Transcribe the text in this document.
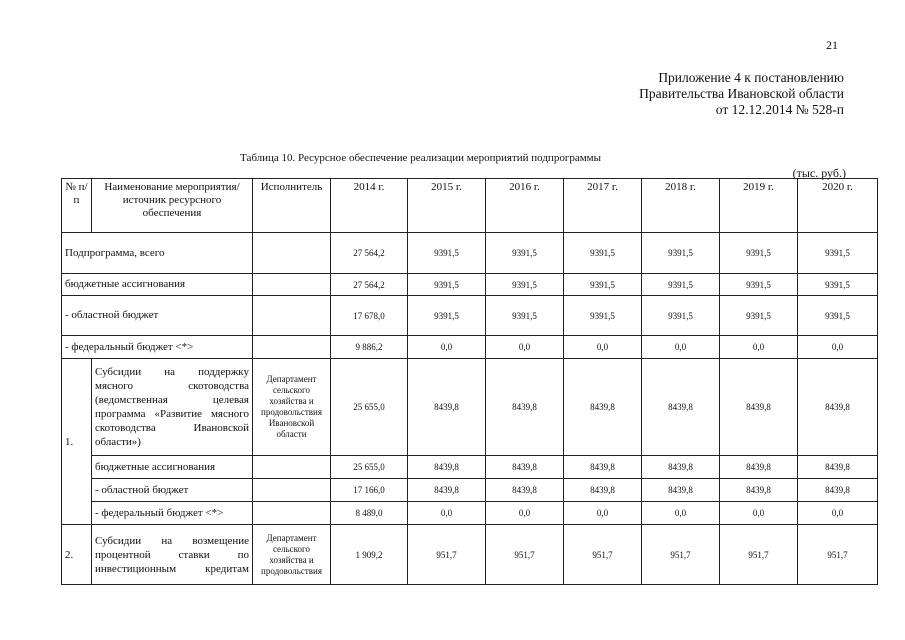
21
Приложение 4 к постановлению
Правительства Ивановской области
от 12.12.2014 № 528-п
Таблица 10. Ресурсное обеспечение реализации мероприятий подпрограммы
(тыс. руб.)
№ п/п	Наименование мероприятия/источник ресурсного обеспечения	Исполнитель	2014 г.	2015 г.	2016 г.	2017 г.	2018 г.	2019 г.	2020 г.
Подпрограмма, всего			27 564,2	9391,5	9391,5	9391,5	9391,5	9391,5	9391,5
бюджетные ассигнования			27 564,2	9391,5	9391,5	9391,5	9391,5	9391,5	9391,5
- областной бюджет			17 678,0	9391,5	9391,5	9391,5	9391,5	9391,5	9391,5
- федеральный бюджет <*>			9 886,2	0,0	0,0	0,0	0,0	0,0	0,0
1.	Субсидии на поддержку мясного скотоводства (ведомственная целевая программа «Развитие мясного скотоводства Ивановской области»)	Департамент сельского хозяйства и продовольствия Ивановской области	25 655,0	8439,8	8439,8	8439,8	8439,8	8439,8	8439,8
	бюджетные ассигнования		25 655,0	8439,8	8439,8	8439,8	8439,8	8439,8	8439,8
	- областной бюджет		17 166,0	8439,8	8439,8	8439,8	8439,8	8439,8	8439,8
	- федеральный бюджет <*>		8 489,0	0,0	0,0	0,0	0,0	0,0	0,0
2.	Субсидии на возмещение процентной ставки по инвестиционным кредитам	Департамент сельского хозяйства и продовольствия	1 909,2	951,7	951,7	951,7	951,7	951,7	951,7
